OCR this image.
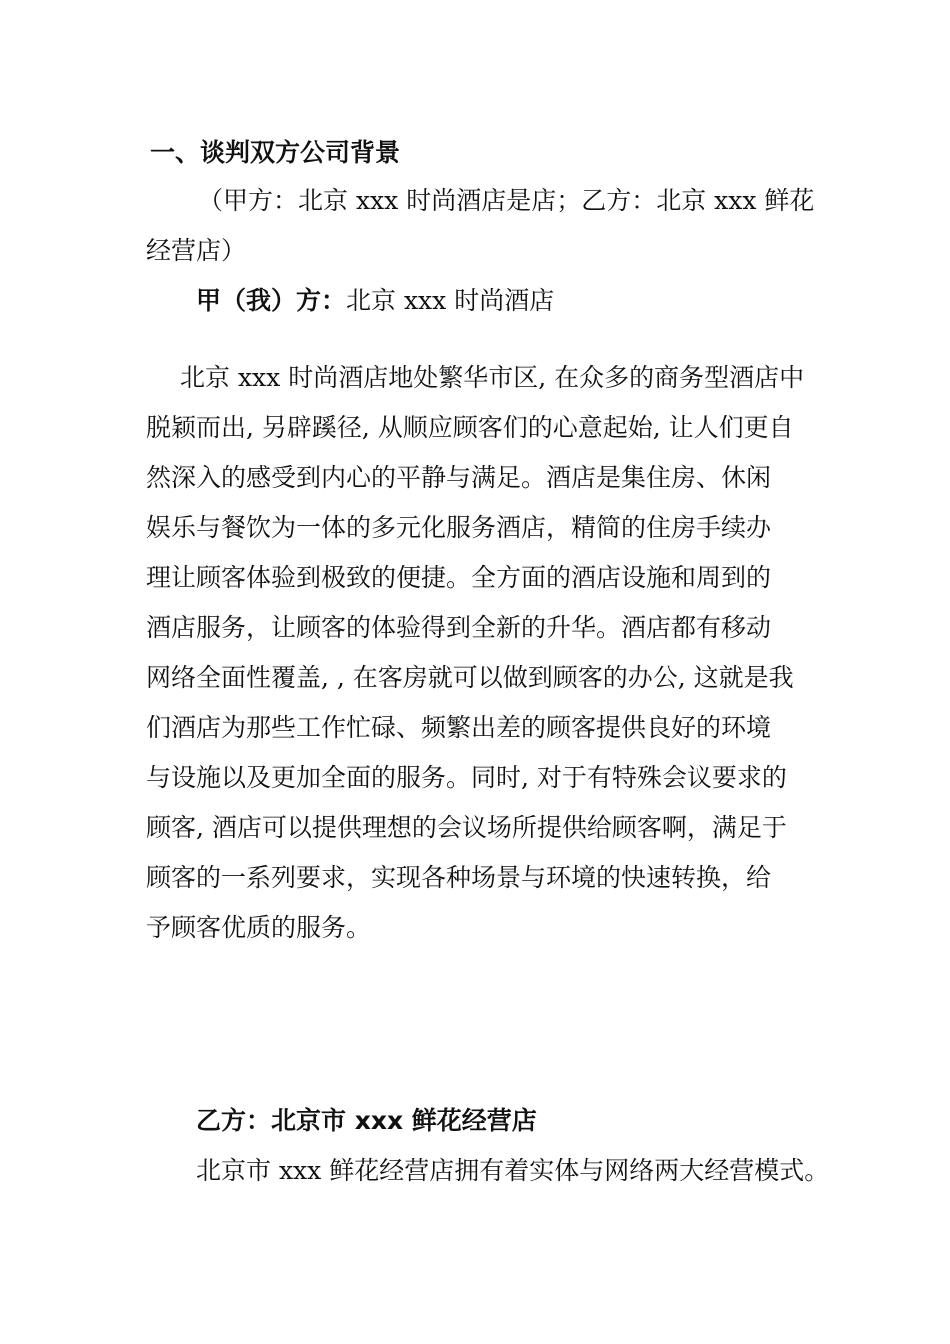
一、谈判双方公司背景

（甲方：北京 xxx 时尚酒店是店；乙方：北京 xxx 鲜花

经营店）

甲（我）方：北京 xxx 时尚酒店

北京 xxx 时尚酒店地处繁华市区, 在众多的商务型酒店中

脱颖而出, 另辟蹊径, 从顺应顾客们的心意起始, 让人们更自

然深入的感受到内心的平静与满足。酒店是集住房、休闲

娱乐与餐饮为一体的多元化服务酒店，精简的住房手续办

理让顾客体验到极致的便捷。全方面的酒店设施和周到的

酒店服务，让顾客的体验得到全新的升华。酒店都有移动

网络全面性覆盖, , 在客房就可以做到顾客的办公, 这就是我

们酒店为那些工作忙碌、频繁出差的顾客提供良好的环境

与设施以及更加全面的服务。同时, 对于有特殊会议要求的

顾客, 酒店可以提供理想的会议场所提供给顾客啊，满足于

顾客的一系列要求，实现各种场景与环境的快速转换，给

予顾客优质的服务。

乙方：北京市 xxx 鲜花经营店

北京市 xxx 鲜花经营店拥有着实体与网络两大经营模式。
